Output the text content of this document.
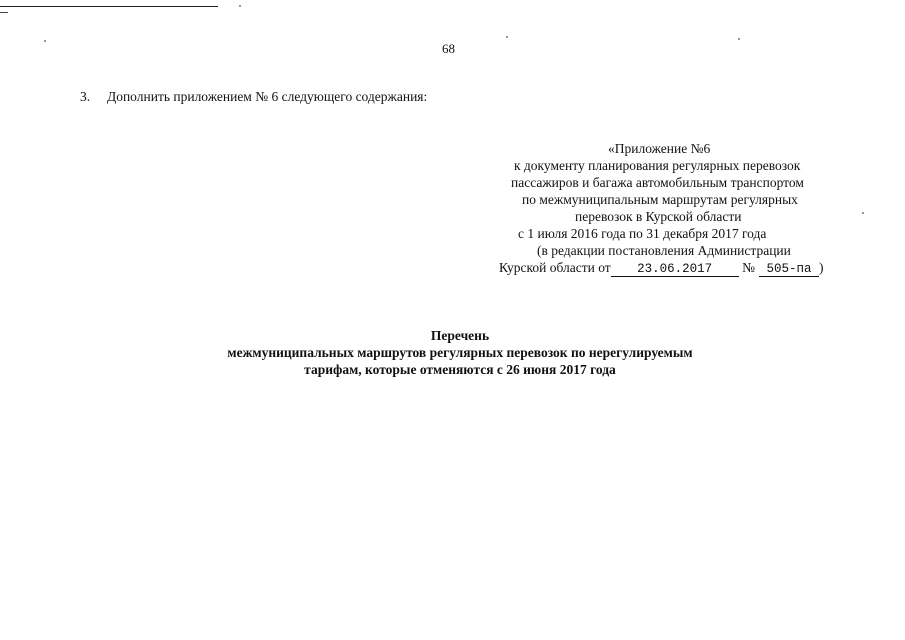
68
3. Дополнить приложением № 6 следующего содержания:
«Приложение №6
к документу планирования регулярных перевозок
пассажиров и багажа автомобильным транспортом
по межмуниципальным маршрутам регулярных
перевозок в Курской области
с 1 июля 2016 года по 31 декабря 2017 года
(в редакции постановления Администрации
Курской области от 23.06.2017 № 505-па )
Перечень
межмуниципальных маршрутов регулярных перевозок по нерегулируемым
тарифам, которые отменяются с 26 июня 2017 года
